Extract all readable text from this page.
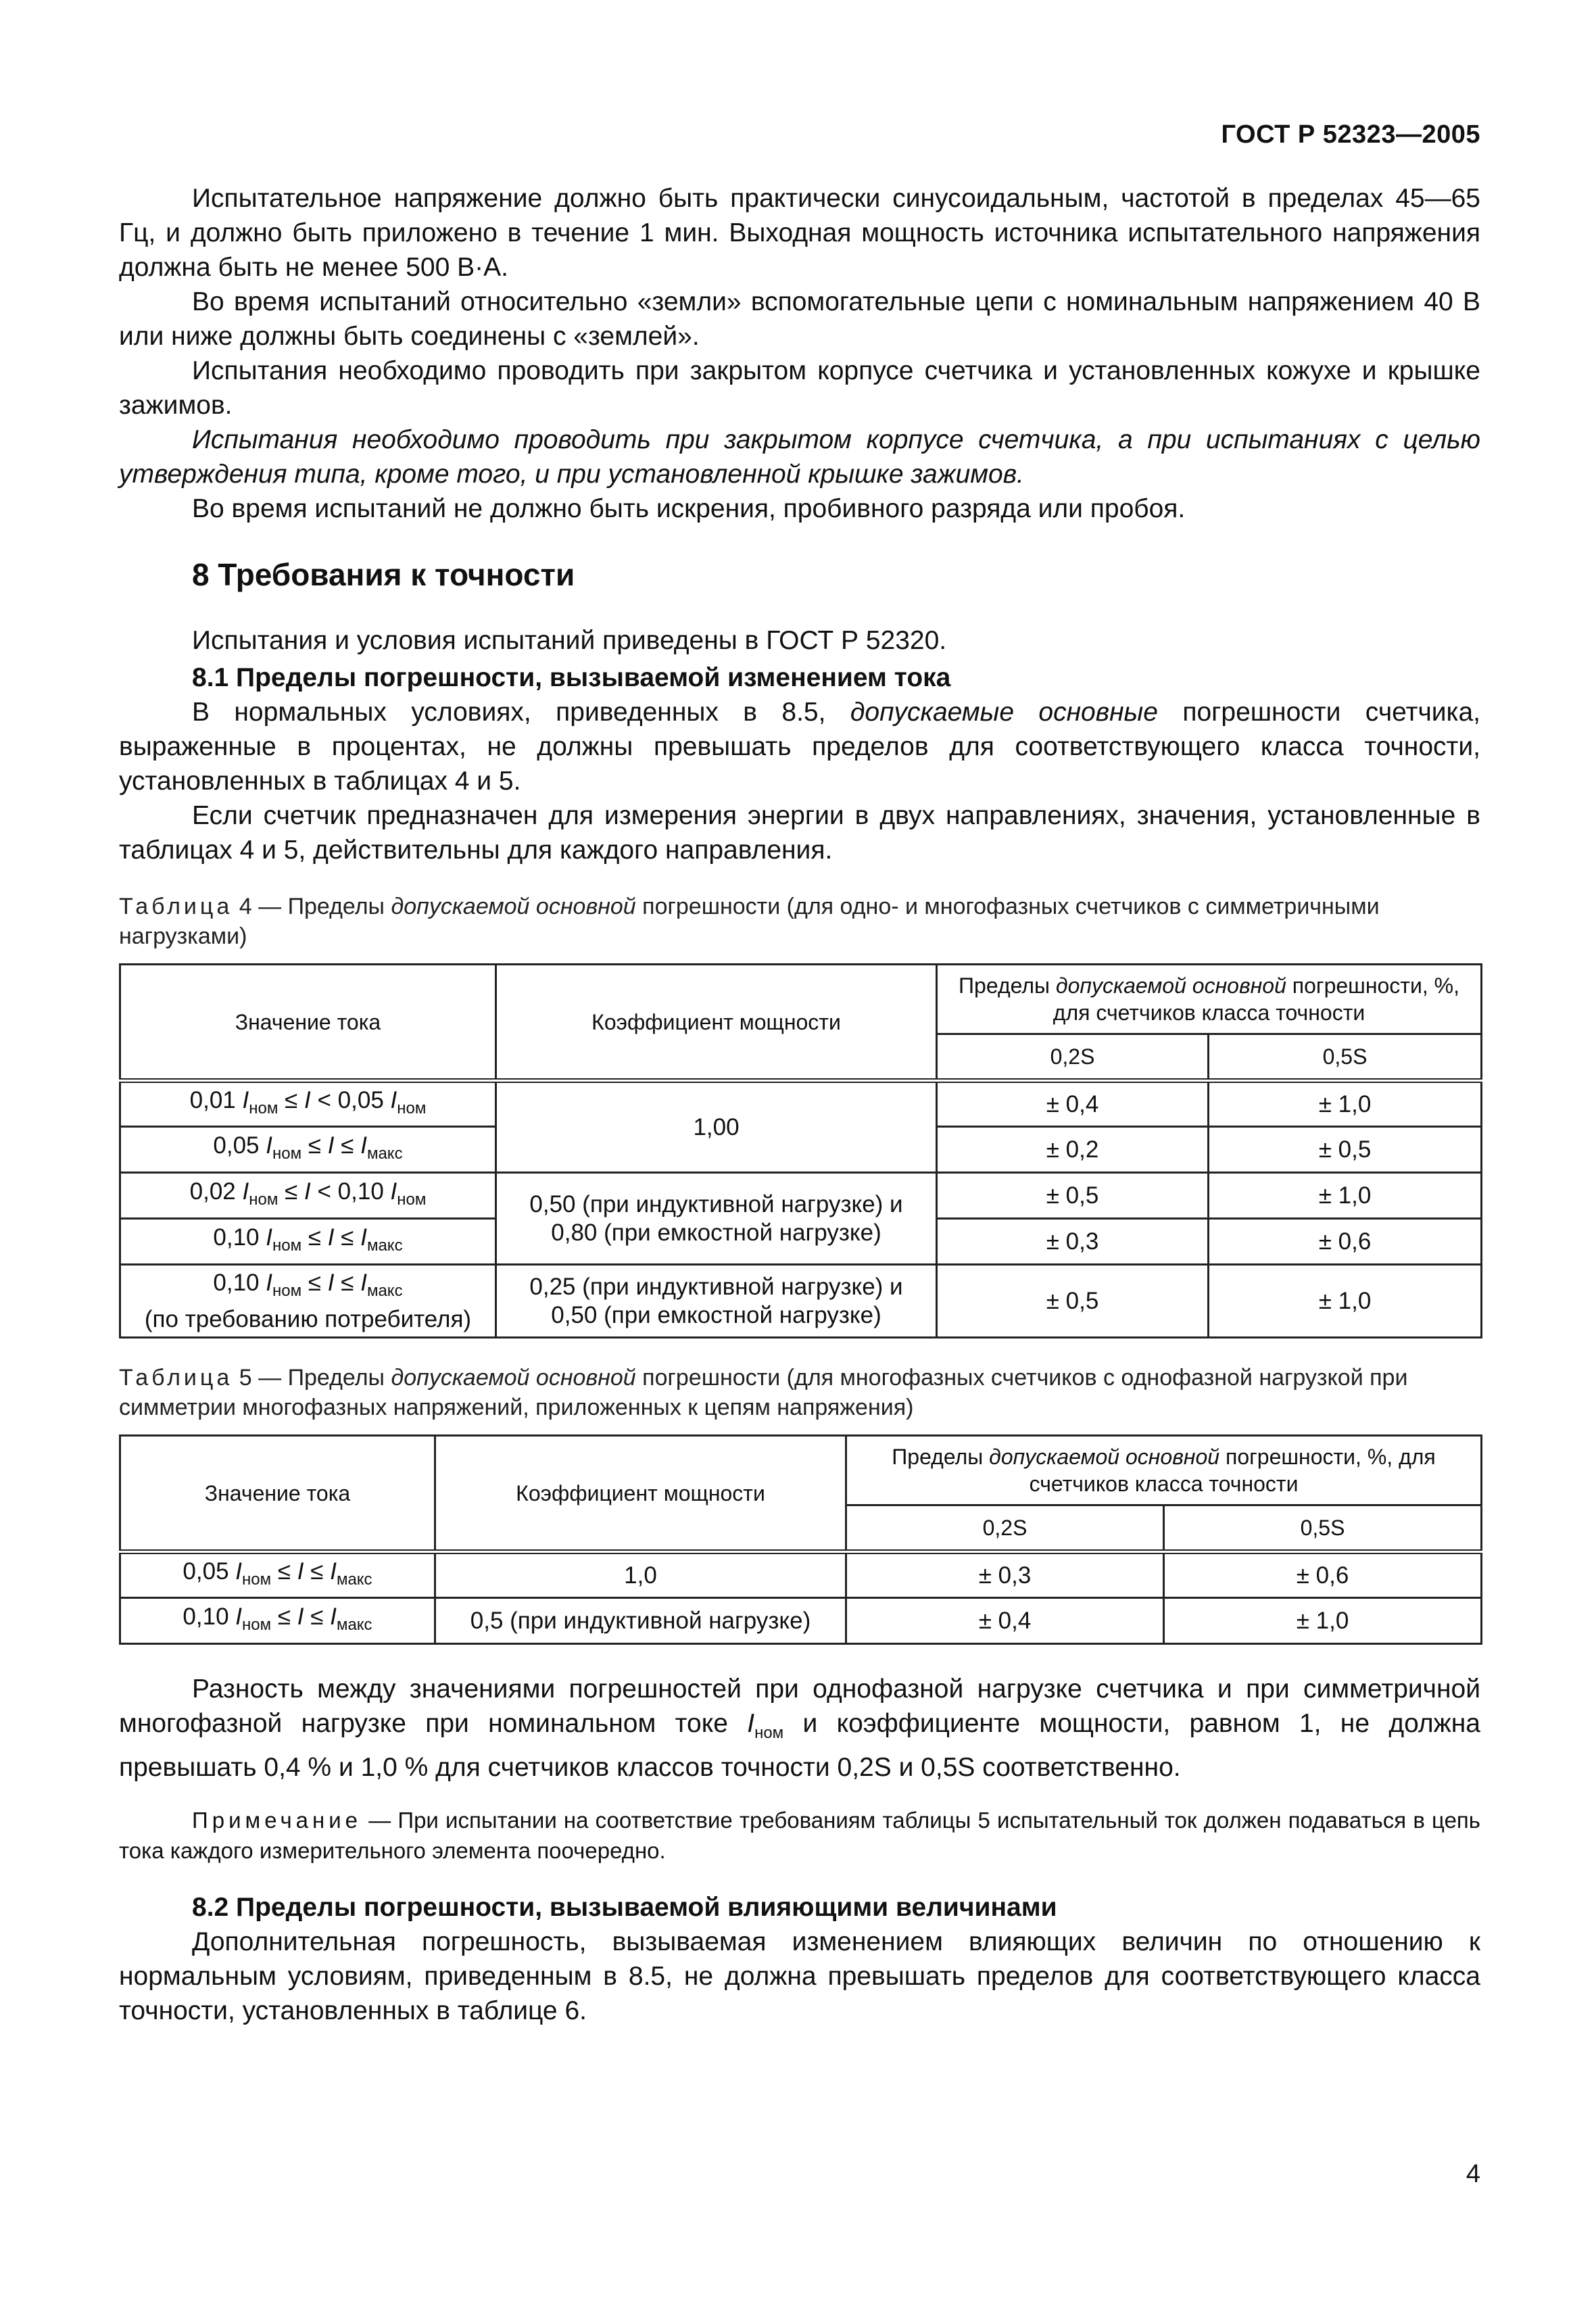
ГОСТ Р 52323—2005

Испытательное напряжение должно быть практически синусоидальным, частотой в пределах 45—65 Гц, и должно быть приложено в течение 1 мин. Выходная мощность источника испытательного напряжения должна быть не менее 500 В·А.

Во время испытаний относительно «земли» вспомогательные цепи с номинальным напряжением 40 В или ниже должны быть соединены с «землей».

Испытания необходимо проводить при закрытом корпусе счетчика и установленных кожухе и крышке зажимов.

Испытания необходимо проводить при закрытом корпусе счетчика, а при испытаниях с целью утверждения типа, кроме того, и при установленной крышке зажимов.

Во время испытаний не должно быть искрения, пробивного разряда или пробоя.

8 Требования к точности

Испытания и условия испытаний приведены в ГОСТ Р 52320.

8.1 Пределы погрешности, вызываемой изменением тока

В нормальных условиях, приведенных в 8.5, допускаемые основные погрешности счетчика, выраженные в процентах, не должны превышать пределов для соответствующего класса точности, установленных в таблицах 4 и 5.

Если счетчик предназначен для измерения энергии в двух направлениях, значения, установленные в таблицах 4 и 5, действительны для каждого направления.

Таблица 4 — Пределы допускаемой основной погрешности (для одно- и многофазных счетчиков с симметричными нагрузками)
Значение тока	Коэффициент мощности	Пределы допускаемой основной погрешности, %, для счетчиков класса точности	
		0,2S	0,5S
0,01 $I_{ном} \le I < 0,05$ $I_{ном}$	1,00	± 0,4	± 1,0
0,05 $I_{ном} \le I \le I_{макс}$		± 0,2	± 0,5
0,02 $I_{ном} \le I < 0,10$ $I_{ном}$	0,50 (при индуктивной нагрузке) и 0,80 (при емкостной нагрузке)	± 0,5	± 1,0
0,10 $I_{ном} \le I \le I_{макс}$		± 0,3	± 0,6
0,10 $I_{ном} \le I \le I_{макс}$
(по требованию потребителя)	0,25 (при индуктивной нагрузке) и 0,50 (при емкостной нагрузке)	± 0,5	± 1,0
Таблица 5 — Пределы допускаемой основной погрешности (для многофазных счетчиков с однофазной нагрузкой при симметрии многофазных напряжений, приложенных к цепям напряжения)
Значение тока	Коэффициент мощности	Пределы допускаемой основной погрешности, %, для счетчиков класса точности	
		0,2S	0,5S
0,05 $I_{ном} \le I \le I_{макс}$	1,0	± 0,3	± 0,6
0,10 $I_{ном} \le I \le I_{макс}$	0,5 (при индуктивной нагрузке)	± 0,4	± 1,0

Разность между значениями погрешностей при однофазной нагрузке счетчика и при симметричной многофазной нагрузке при номинальном токе $I_{ном}$ и коэффициенте мощности, равном 1, не должна превышать 0,4 % и 1,0 % для счетчиков классов точности 0,2S и 0,5S соответственно.

Примечание — При испытании на соответствие требованиям таблицы 5 испытательный ток должен подаваться в цепь тока каждого измерительного элемента поочередно.
8.2 Пределы погрешности, вызываемой влияющими величинами

Дополнительная погрешность, вызываемая изменением влияющих величин по отношению к нормальным условиям, приведенным в 8.5, не должна превышать пределов для соответствующего класса точности, установленных в таблице 6.

4
